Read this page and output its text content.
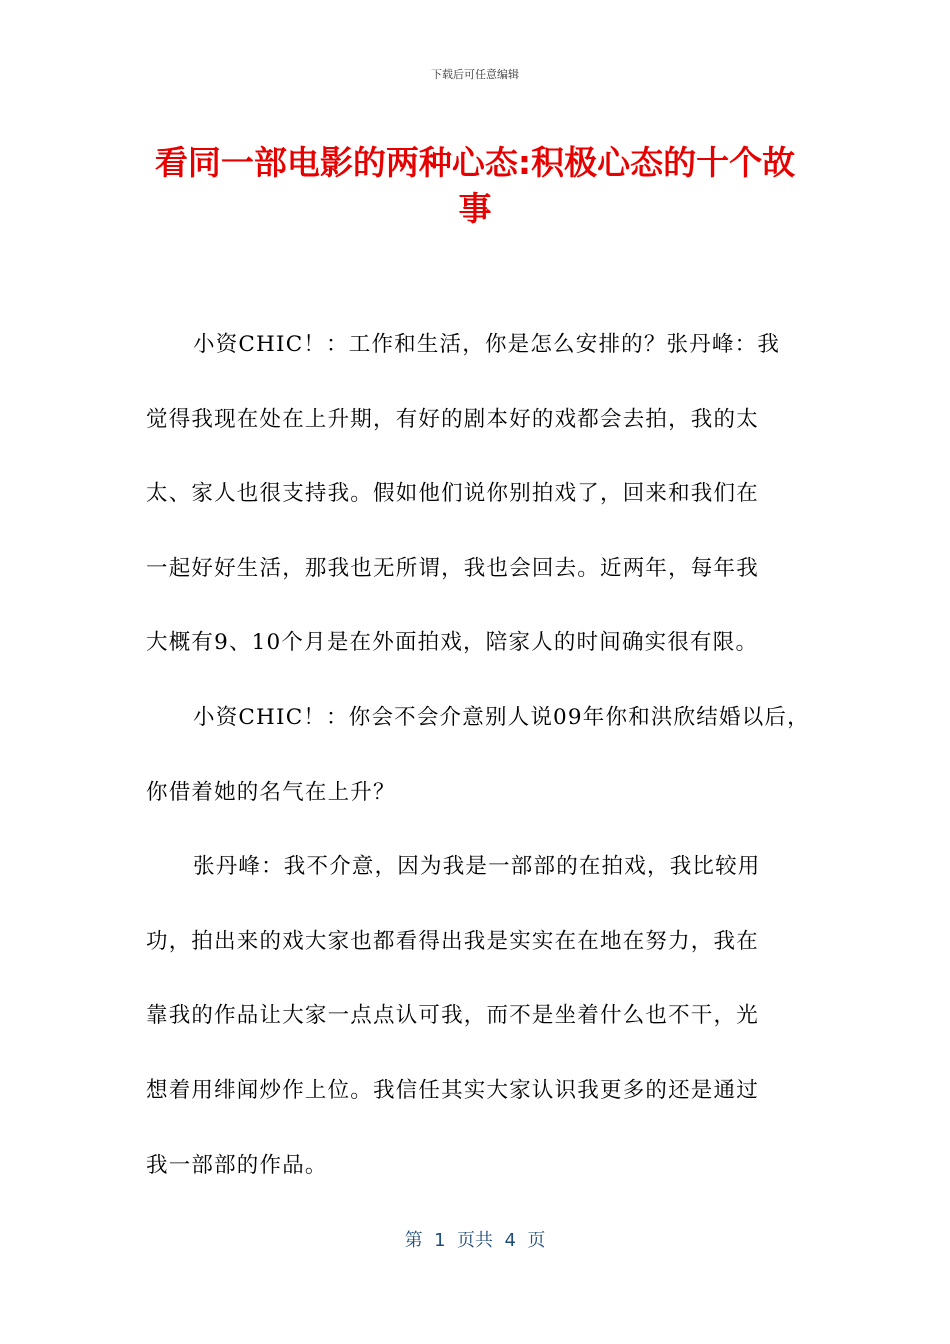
下载后可任意编辑
看同一部电影的两种心态:积极心态的十个故
事
小资CHIC！：工作和生活，你是怎么安排的？张丹峰：我
觉得我现在处在上升期，有好的剧本好的戏都会去拍，我的太
太、家人也很支持我。假如他们说你别拍戏了，回来和我们在
一起好好生活，那我也无所谓，我也会回去。近两年，每年我
大概有9、10个月是在外面拍戏，陪家人的时间确实很有限。
小资CHIC！：你会不会介意别人说09年你和洪欣结婚以后，
你借着她的名气在上升？
张丹峰：我不介意，因为我是一部部的在拍戏，我比较用
功，拍出来的戏大家也都看得出我是实实在在地在努力，我在
靠我的作品让大家一点点认可我，而不是坐着什么也不干，光
想着用绯闻炒作上位。我信任其实大家认识我更多的还是通过
我一部部的作品。
第  1  页共  4  页
